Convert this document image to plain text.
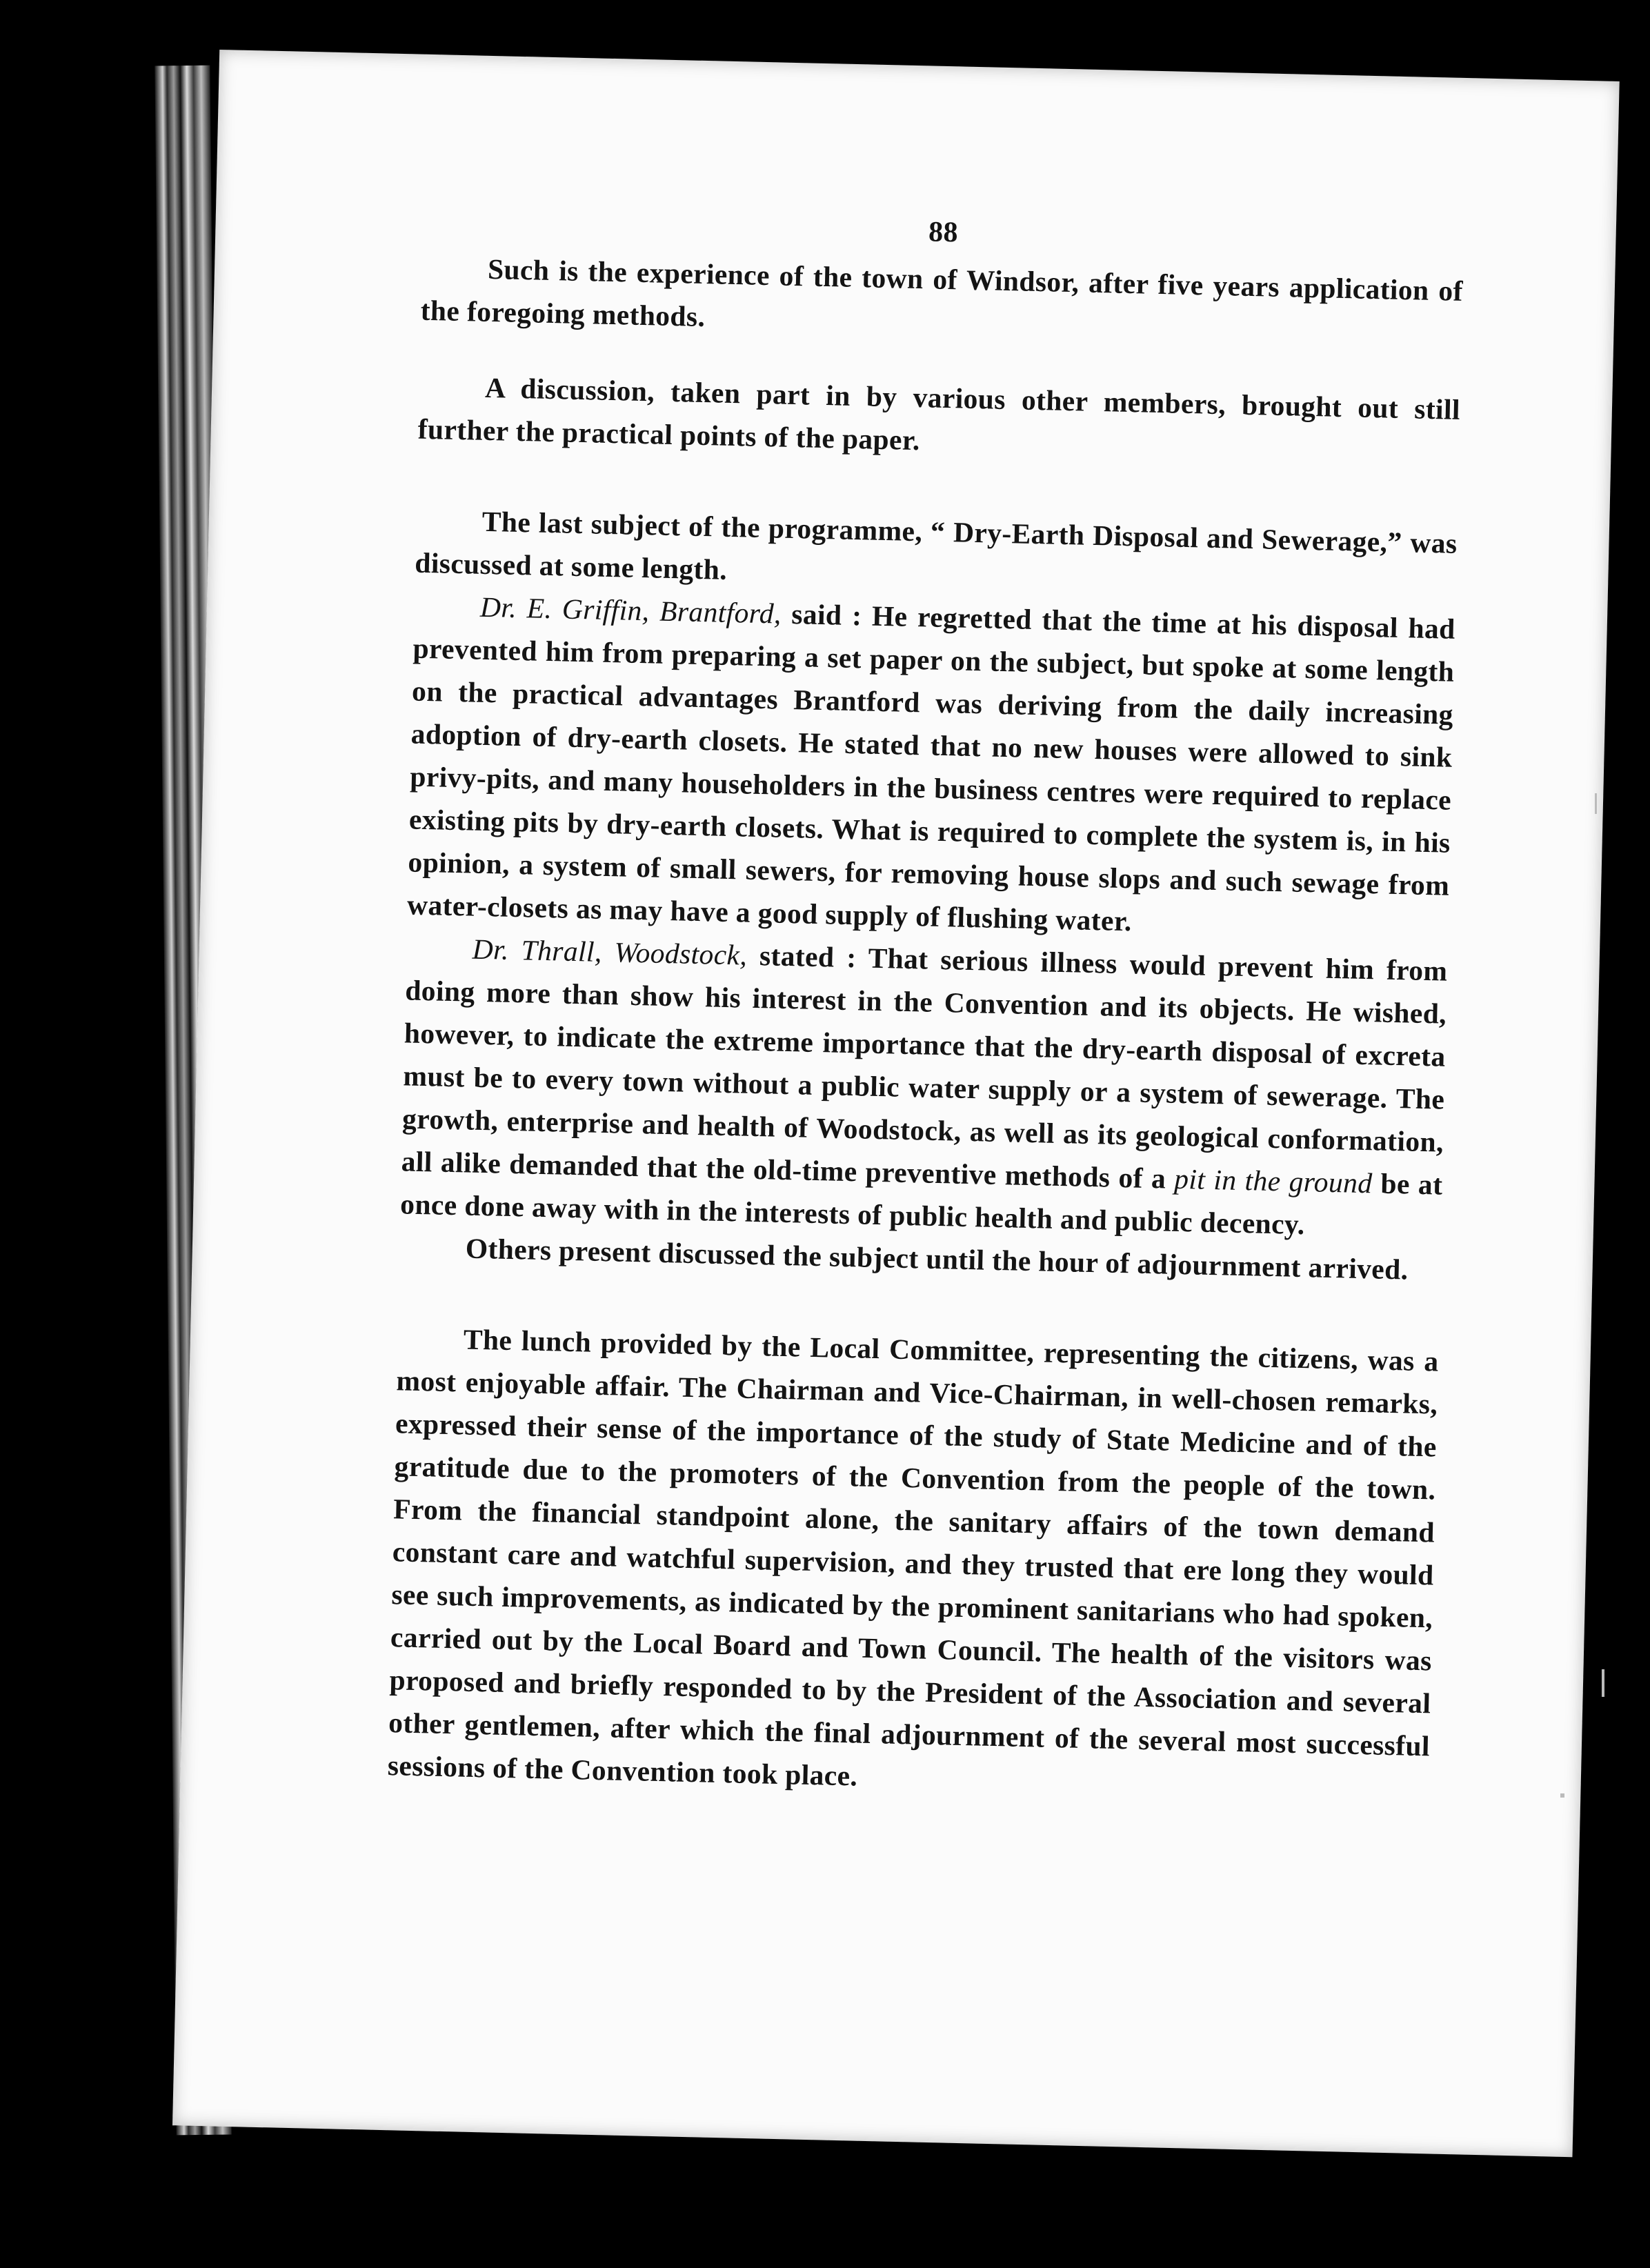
88

Such is the experience of the town of Windsor, after five years application of the foregoing methods.

A discussion, taken part in by various other members, brought out still further the practical points of the paper.

The last subject of the programme, “ Dry-Earth Disposal and Sewerage,” was discussed at some length.

Dr. E. Griffin, Brantford, said : He regretted that the time at his disposal had prevented him from preparing a set paper on the subject, but spoke at some length on the practical advantages Brantford was deriving from the daily increasing adoption of dry-earth closets. He stated that no new houses were allowed to sink privy-pits, and many householders in the business centres were required to replace existing pits by dry-earth closets. What is required to complete the system is, in his opinion, a system of small sewers, for removing house slops and such sewage from water-closets as may have a good supply of flushing water.

Dr. Thrall, Woodstock, stated : That serious illness would prevent him from doing more than show his interest in the Convention and its objects. He wished, however, to indicate the extreme importance that the dry-earth disposal of excreta must be to every town without a public water supply or a system of sewerage. The growth, enterprise and health of Woodstock, as well as its geological conformation, all alike demanded that the old-time preventive methods of a pit in the ground be at once done away with in the interests of public health and public decency.

Others present discussed the subject until the hour of adjournment arrived.

The lunch provided by the Local Committee, representing the citizens, was a most enjoyable affair. The Chairman and Vice-Chairman, in well-chosen remarks, expressed their sense of the importance of the study of State Medicine and of the gratitude due to the promoters of the Convention from the people of the town. From the financial standpoint alone, the sanitary affairs of the town demand constant care and watchful supervision, and they trusted that ere long they would see such improvements, as indicated by the prominent sanitarians who had spoken, carried out by the Local Board and Town Council. The health of the visitors was proposed and briefly responded to by the President of the Association and several other gentlemen, after which the final adjournment of the several most successful sessions of the Convention took place.
